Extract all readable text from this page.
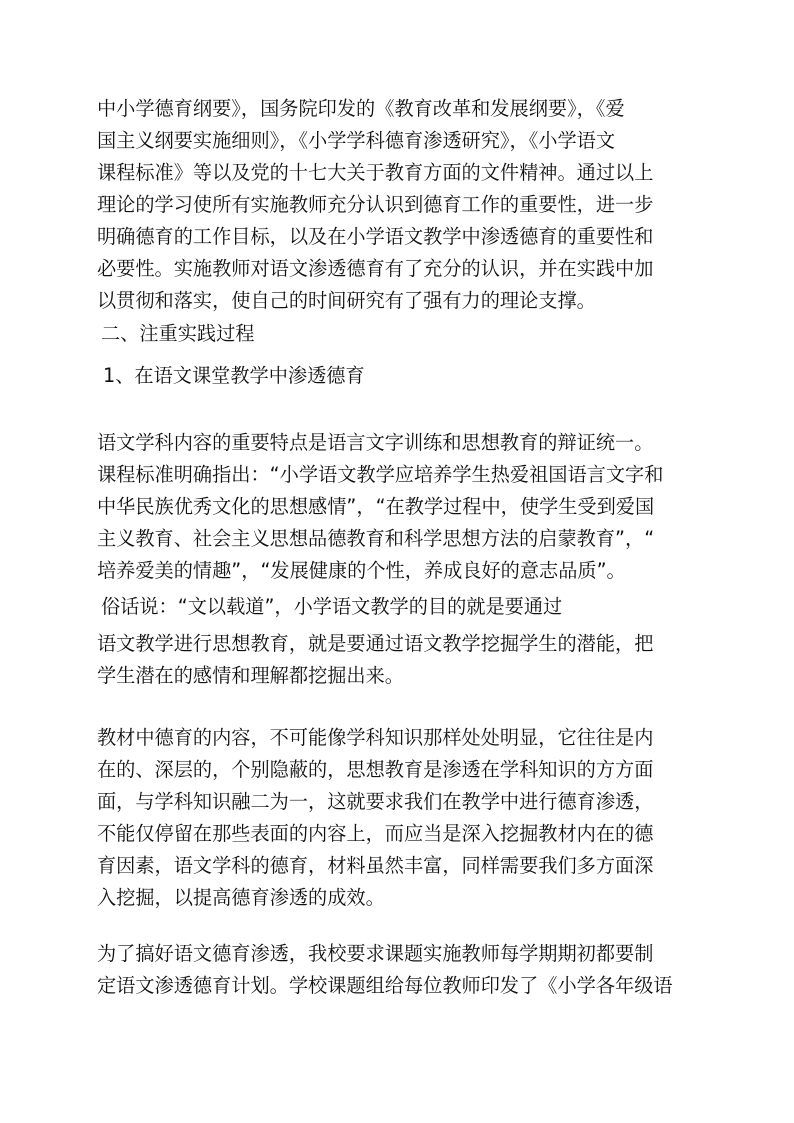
中小学德育纲要》，国务院印发的《教育改革和发展纲要》，《爱
国主义纲要实施细则》，《小学学科德育渗透研究》，《小学语文
课程标准》等以及党的十七大关于教育方面的文件精神。通过以上
理论的学习使所有实施教师充分认识到德育工作的重要性，进一步
明确德育的工作目标，以及在小学语文教学中渗透德育的重要性和
必要性。实施教师对语文渗透德育有了充分的认识，并在实践中加
以贯彻和落实，使自己的时间研究有了强有力的理论支撑。
二、注重实践过程
1、在语文课堂教学中渗透德育
语文学科内容的重要特点是语言文字训练和思想教育的辩证统一。
课程标准明确指出：“小学语文教学应培养学生热爱祖国语言文字和
中华民族优秀文化的思想感情”，“在教学过程中，使学生受到爱国
主义教育、社会主义思想品德教育和科学思想方法的启蒙教育”，“
培养爱美的情趣”，“发展健康的个性，养成良好的意志品质”。
俗话说：“文以载道”，小学语文教学的目的就是要通过
语文教学进行思想教育，就是要通过语文教学挖掘学生的潜能，把
学生潜在的感情和理解都挖掘出来。
教材中德育的内容，不可能像学科知识那样处处明显，它往往是内
在的、深层的，个别隐蔽的，思想教育是渗透在学科知识的方方面
面，与学科知识融二为一，这就要求我们在教学中进行德育渗透，
不能仅停留在那些表面的内容上，而应当是深入挖掘教材内在的德
育因素，语文学科的德育，材料虽然丰富，同样需要我们多方面深
入挖掘，以提高德育渗透的成效。
为了搞好语文德育渗透，我校要求课题实施教师每学期期初都要制
定语文渗透德育计划。学校课题组给每位教师印发了《小学各年级语
